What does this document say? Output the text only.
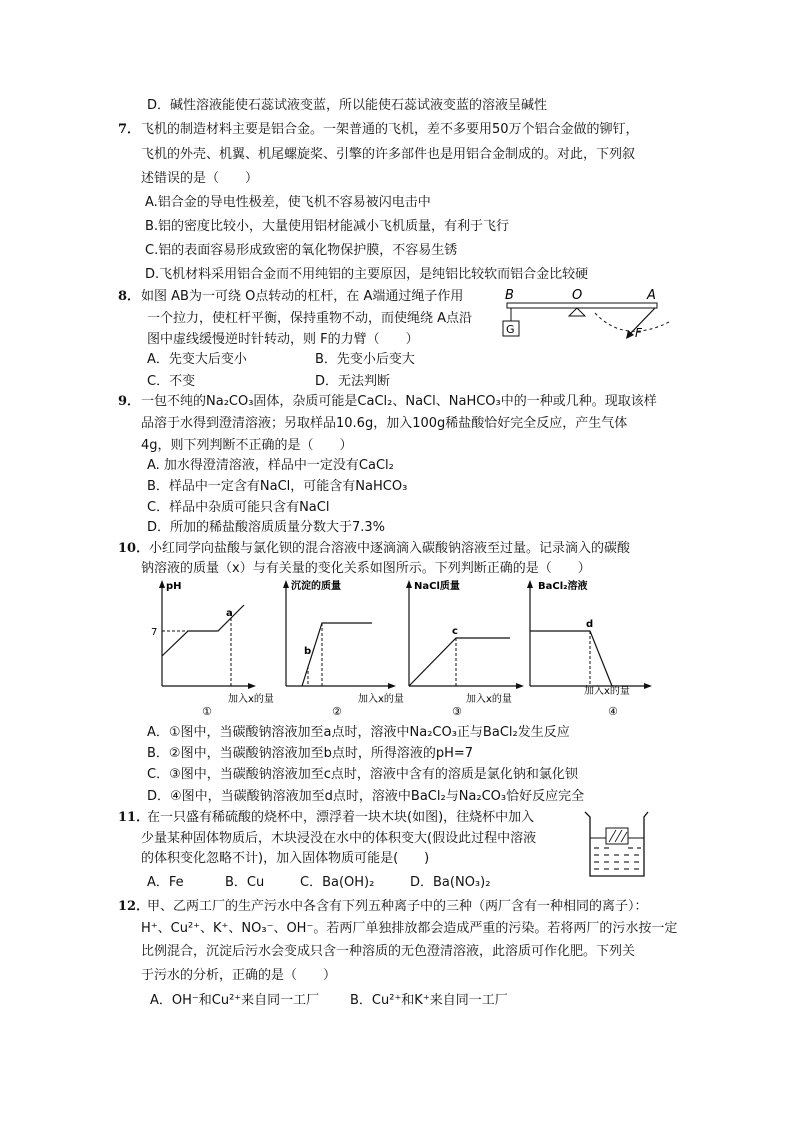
D．碱性溶液能使石蕊试液变蓝，所以能使石蕊试液变蓝的溶液呈碱性
7． 飞机的制造材料主要是铝合金。一架普通的飞机，差不多要用50万个铝合金做的铆钉，
飞机的外壳、机翼、机尾螺旋桨、引擎的许多部件也是用铝合金制成的。对此，下列叙
述错误的是（　　）
A.铝合金的导电性极差，使飞机不容易被闪电击中
B.铝的密度比较小，大量使用铝材能减小飞机质量，有利于飞行
C.铝的表面容易形成致密的氧化物保护膜，不容易生锈
D.飞机材料采用铝合金而不用纯铝的主要原因，是纯铝比较软而铝合金比较硬
8． 如图 AB为一可绕 O点转动的杠杆，在 A端通过绳子作用
一个拉力，使杠杆平衡，保持重物不动，而使绳绕 A点沿
图中虚线缓慢逆时针转动，则 F的力臂（　　）
A．先变大后变小	B．先变小后变大
C．不变	D．无法判断
B	O	A
G	F
9． 一包不纯的Na₂CO₃固体，杂质可能是CaCl₂、NaCl、NaHCO₃中的一种或几种。现取该样
品溶于水得到澄清溶液；另取样品10.6g，加入100g稀盐酸恰好完全反应，产生气体
4g，则下列判断不正确的是（　　）
A. 加水得澄清溶液，样品中一定没有CaCl₂
B．样品中一定含有NaCl，可能含有NaHCO₃
C．样品中杂质可能只含有NaCl
D．所加的稀盐酸溶质质量分数大于7.3%
10． 小红同学向盐酸与氯化钡的混合溶液中逐滴滴入碳酸钠溶液至过量。记录滴入的碳酸
钠溶液的质量（x）与有关量的变化关系如图所示。下列判断正确的是（　　）
pH
7
a
加入x的量
①
沉淀的质量
b
加入x的量
②
NaCl质量
c
加入x的量
③
BaCl₂溶液
d
加入x的量
④
A．①图中，当碳酸钠溶液加至a点时，溶液中Na₂CO₃正与BaCl₂发生反应
B．②图中，当碳酸钠溶液加至b点时，所得溶液的pH=7
C．③图中，当碳酸钠溶液加至c点时，溶液中含有的溶质是氯化钠和氯化钡
D．④图中，当碳酸钠溶液加至d点时，溶液中BaCl₂与Na₂CO₃恰好反应完全
11．
在一只盛有稀硫酸的烧杯中，漂浮着一块木块(如图)，往烧杯中加入
少量某种固体物质后，木块浸没在水中的体积变大(假设此过程中溶液
的体积变化忽略不计)，加入固体物质可能是(　　)
A．Fe	B．Cu	C．Ba(OH)₂	D．Ba(NO₃)₂
12．
甲、乙两工厂的生产污水中各含有下列五种离子中的三种（两厂含有一种相同的离子）：
H⁺、Cu²⁺、K⁺、NO₃⁻、OH⁻。若两厂单独排放都会造成严重的污染。若将两厂的污水按一定
比例混合，沉淀后污水会变成只含一种溶质的无色澄清溶液，此溶质可作化肥。下列关
于污水的分析，正确的是（　　）
A．OH⁻和Cu²⁺来自同一工厂 B．Cu²⁺和K⁺来自同一工厂
